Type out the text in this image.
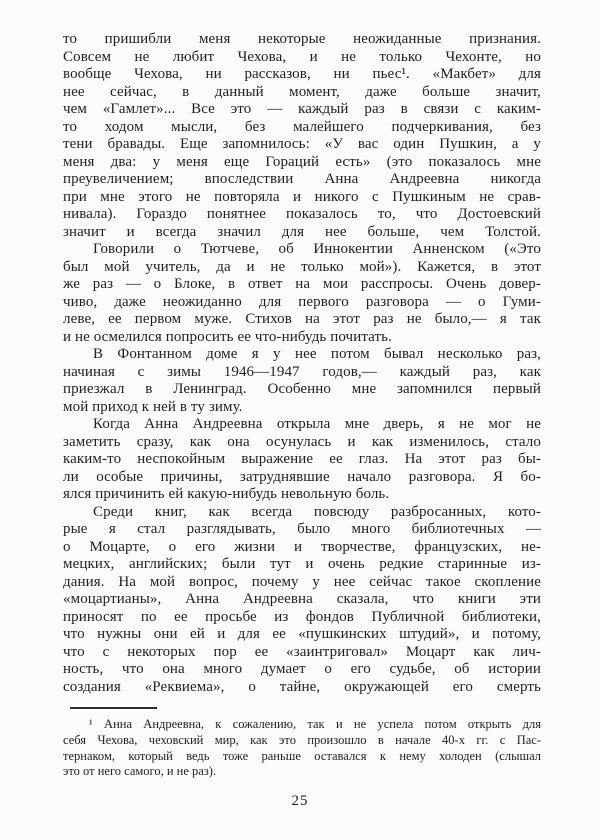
то пришибли меня некоторые неожиданные признания.
Совсем не любит Чехова, и не только Чехонте, но
вообще Чехова, ни рассказов, ни пьес¹. «Макбет» для
нее сейчас, в данный момент, даже больше значит,
чем «Гамлет»... Все это — каждый раз в связи с каким-
то ходом мысли, без малейшего подчеркивания, без
тени бравады. Еще запомнилось: «У вас один Пушкин, а у
меня два: у меня еще Гораций есть» (это показалось мне
преувеличением; впоследствии Анна Андреевна никогда
при мне этого не повторяла и никого с Пушкиным не срав-
нивала). Гораздо понятнее показалось то, что Достоевский
значит и всегда значил для нее больше, чем Толстой.
Говорили о Тютчеве, об Иннокентии Анненском («Это
был мой учитель, да и не только мой»). Кажется, в этот
же раз — о Блоке, в ответ на мои расспросы. Очень довер-
чиво, даже неожиданно для первого разговора — о Гуми-
леве, ее первом муже. Стихов на этот раз не было,— я так
и не осмелился попросить ее что-нибудь почитать.
В Фонтанном доме я у нее потом бывал несколько раз,
начиная с зимы 1946—1947 годов,— каждый раз, как
приезжал в Ленинград. Особенно мне запомнился первый
мой приход к ней в ту зиму.
Когда Анна Андреевна открыла мне дверь, я не мог не
заметить сразу, как она осунулась и как изменилось, стало
каким-то неспокойным выражение ее глаз. На этот раз бы-
ли особые причины, затруднявшие начало разговора. Я бо-
ялся причинить ей какую-нибудь невольную боль.
Среди книг, как всегда повсюду разбросанных, кото-
рые я стал разглядывать, было много библиотечных —
о Моцарте, о его жизни и творчестве, французских, не-
мецких, английских; были тут и очень редкие старинные из-
дания. На мой вопрос, почему у нее сейчас такое скопление
«моцартианы», Анна Андреевна сказала, что книги эти
приносят по ее просьбе из фондов Публичной библиотеки,
что нужны они ей и для ее «пушкинских штудий», и потому,
что с некоторых пор ее «заинтриговал» Моцарт как лич-
ность, что она много думает о его судьбе, об истории
создания «Реквиема», о тайне, окружающей его смерть
¹ Анна Андреевна, к сожалению, так и не успела потом открыть для
себя Чехова, чеховский мир, как это произошло в начале 40-х гг. с Пас-
тернаком, который ведь тоже раньше оставался к нему холоден (слышал
это от него самого, и не раз).
25
